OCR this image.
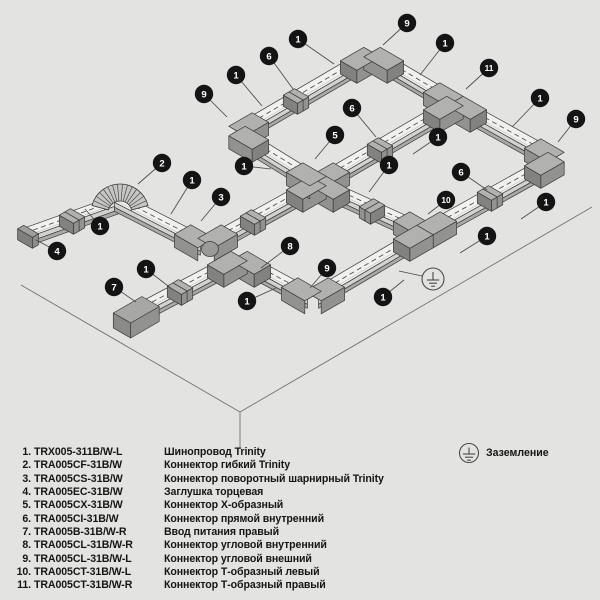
1
1
1
1
1	1
1
1
1
1
1
1
1
1
2
3
4
5
6
6
6
7
8
9
9
9
9
10
11
1. TRX005-311B/W-L	Шинопровод Trinity
2. TRA005CF-31B/W	Коннектор гибкий Trinity
3. TRA005CS-31B/W	Коннектор поворотный шарнирный Trinity
4. TRA005EC-31B/W	Заглушка торцевая
5. TRA005CX-31B/W	Коннектор Х-образный
6. TRA005CI-31B/W	Коннектор прямой внутренний
7. TRA005B-31B/W-R	Ввод питания правый
8. TRA005CL-31B/W-R	Коннектор угловой внутренний
9. TRA005CL-31B/W-L	Коннектор угловой внешний
10. TRA005CT-31B/W-L	Коннектор Т-образный левый
11. TRA005CT-31B/W-R	Коннектор Т-образный правый
Заземление
